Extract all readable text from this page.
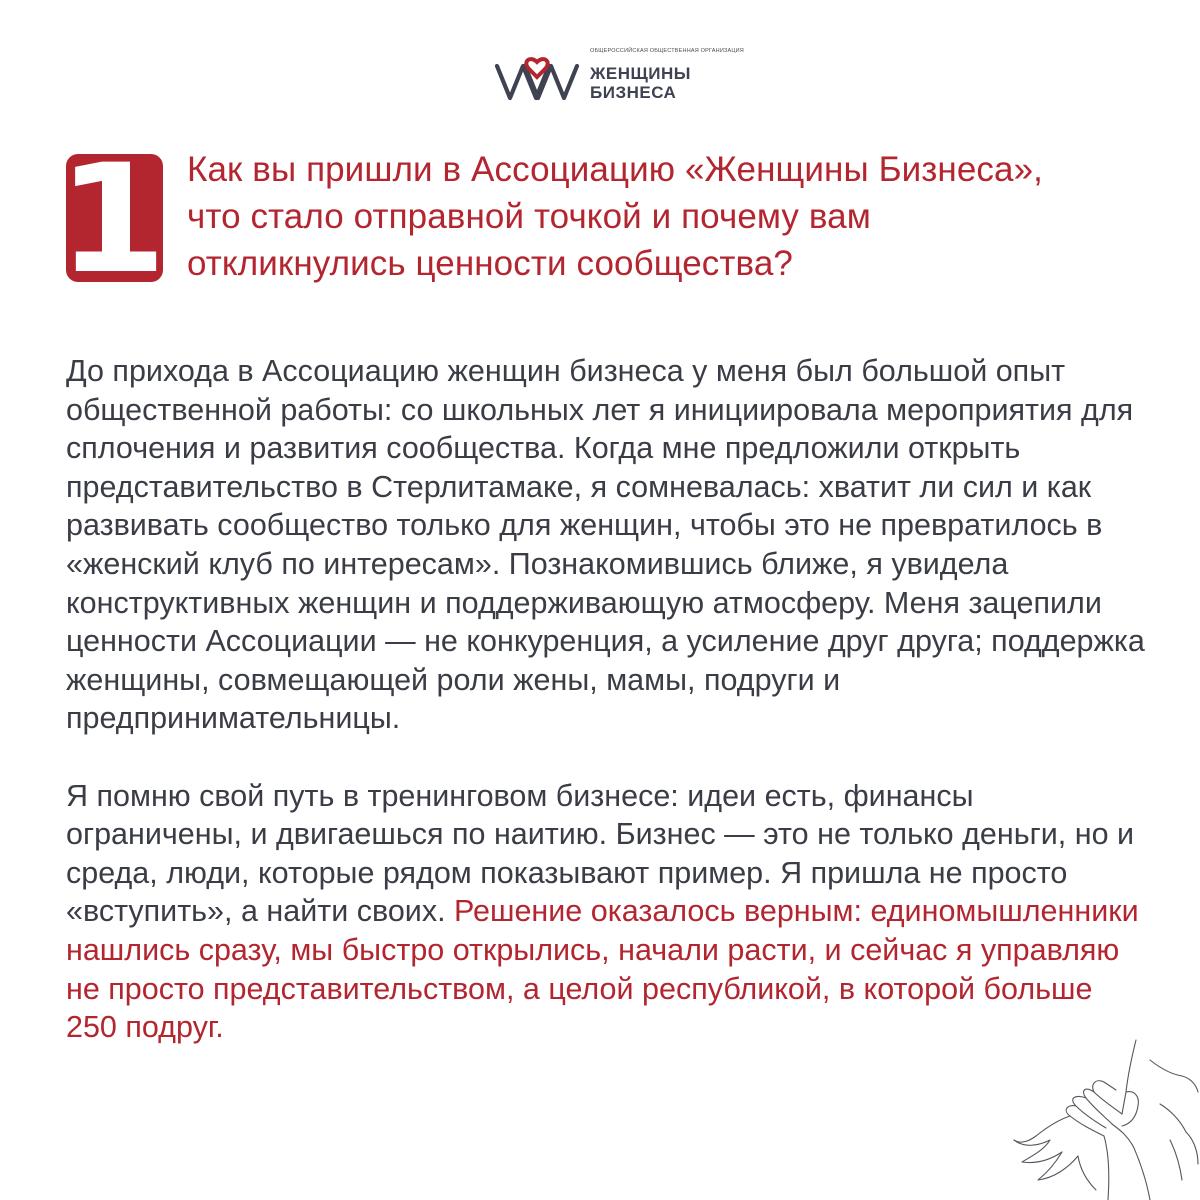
ОБЩЕРОССИЙСКАЯ ОБЩЕСТВЕННАЯ ОРГАНИЗАЦИЯ
ЖЕНЩИНЫ
БИЗНЕСА
1 Как вы пришли в Ассоциацию «Женщины Бизнеса», что стало отправной точкой и почему вам откликнулись ценности сообщества?

До прихода в Ассоциацию женщин бизнеса у меня был большой опыт общественной работы: со школьных лет я инициировала мероприятия для сплочения и развития сообщества. Когда мне предложили открыть представительство в Стерлитамаке, я сомневалась: хватит ли сил и как развивать сообщество только для женщин, чтобы это не превратилось в «женский клуб по интересам». Познакомившись ближе, я увидела конструктивных женщин и поддерживающую атмосферу. Меня зацепили ценности Ассоциации — не конкуренция, а усиление друг друга; поддержка женщины, совмещающей роли жены, мамы, подруги и предпринимательницы.

Я помню свой путь в тренинговом бизнесе: идеи есть, финансы ограничены, и двигаешься по наитию. Бизнес — это не только деньги, но и среда, люди, которые рядом показывают пример. Я пришла не просто «вступить», а найти своих. Решение оказалось верным: единомышленники нашлись сразу, мы быстро открылись, начали расти, и сейчас я управляю не просто представительством, а целой республикой, в которой больше 250 подруг.
